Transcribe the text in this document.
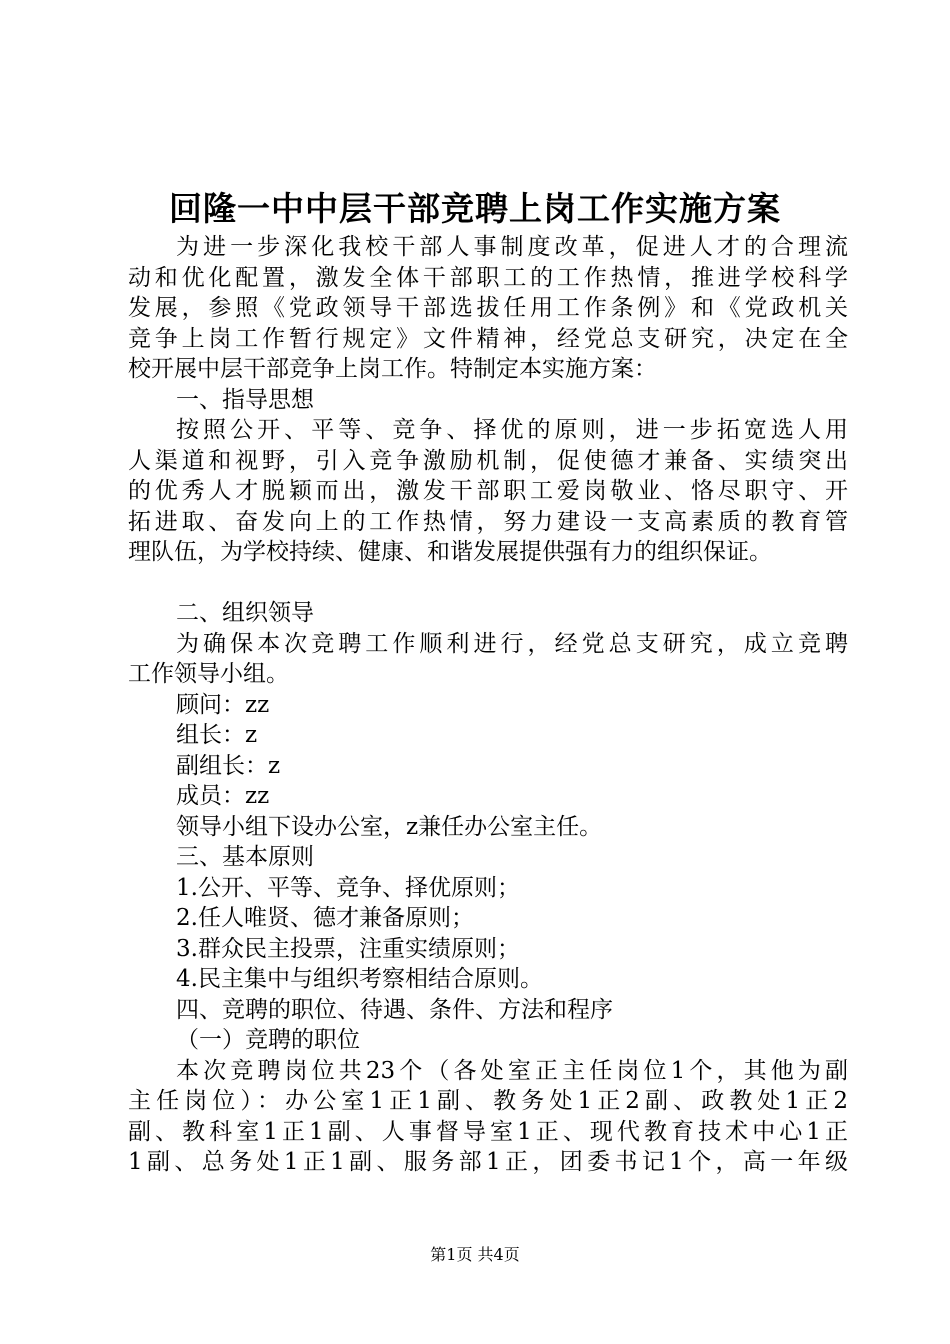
回隆一中中层干部竞聘上岗工作实施方案
为进一步深化我校干部人事制度改革，促进人才的合理流
动和优化配置，激发全体干部职工的工作热情，推进学校科学
发展，参照《党政领导干部选拔任用工作条例》和《党政机关
竞争上岗工作暂行规定》文件精神，经党总支研究，决定在全
校开展中层干部竞争上岗工作。特制定本实施方案：
一、指导思想
按照公开、平等、竞争、择优的原则，进一步拓宽选人用
人渠道和视野，引入竞争激励机制，促使德才兼备、实绩突出
的优秀人才脱颖而出，激发干部职工爱岗敬业、恪尽职守、开
拓进取、奋发向上的工作热情，努力建设一支高素质的教育管
理队伍，为学校持续、健康、和谐发展提供强有力的组织保证。
二、组织领导
为确保本次竞聘工作顺利进行，经党总支研究，成立竞聘
工作领导小组。
顾问：zz
组长：z
副组长：z
成员：zz
领导小组下设办公室，z兼任办公室主任。
三、基本原则
1.公开、平等、竞争、择优原则；
2.任人唯贤、德才兼备原则；
3.群众民主投票，注重实绩原则；
4.民主集中与组织考察相结合原则。
四、竞聘的职位、待遇、条件、方法和程序
（一）竞聘的职位
本次竞聘岗位共23个（各处室正主任岗位1个，其他为副
主任岗位）：办公室1正1副、教务处1正2副、政教处1正2
副、教科室1正1副、人事督导室1正、现代教育技术中心1正
1副、总务处1正1副、服务部1正，团委书记1个，高一年级
第1页 共4页
